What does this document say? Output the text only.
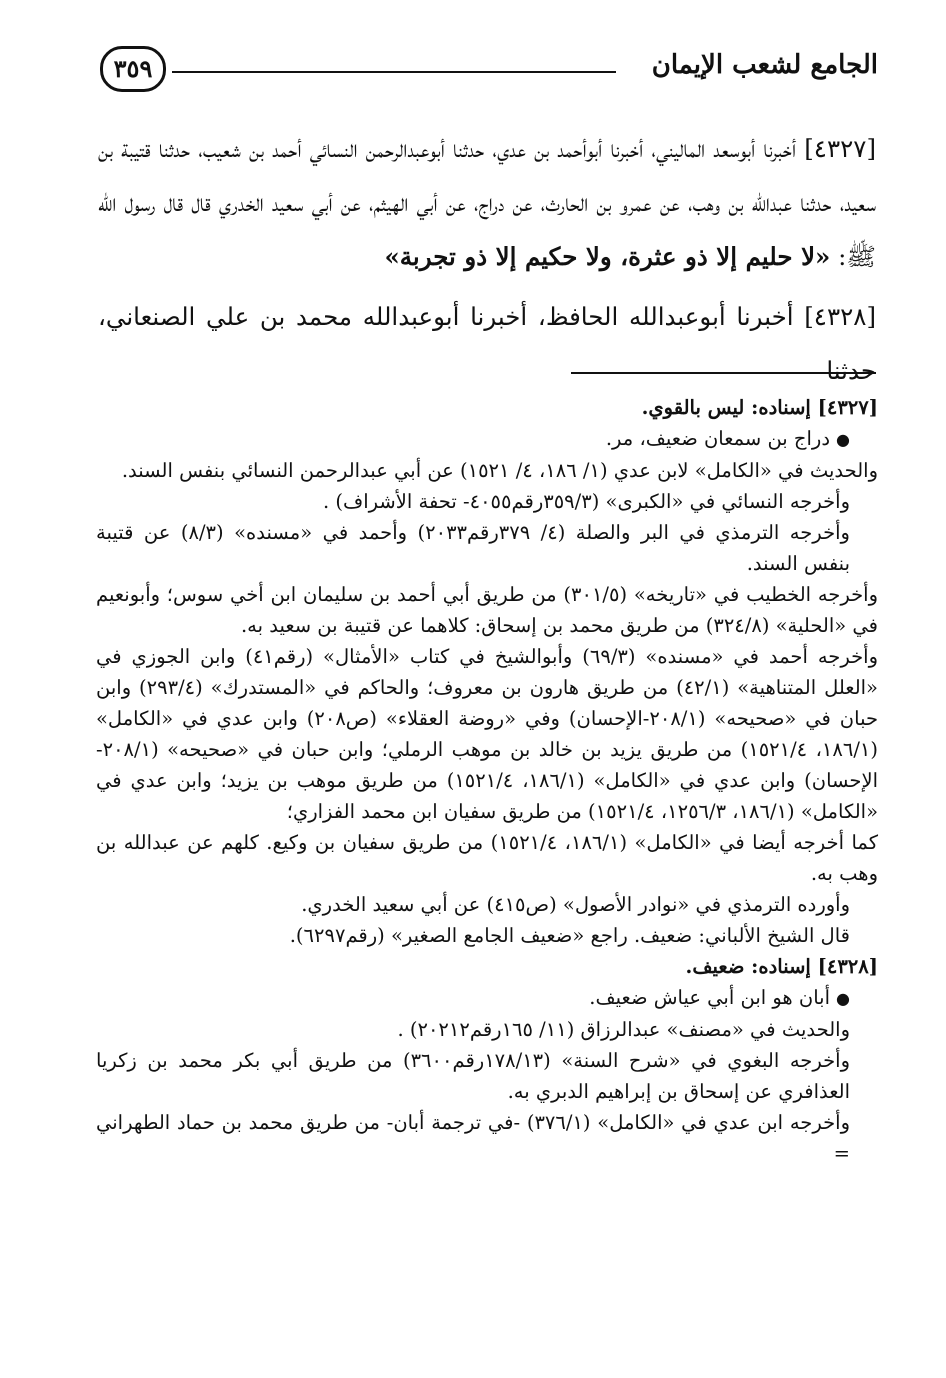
الجامع لشعب الإيمان
٣٥٩

[٤٣٢٧] أخبرنا أبوسعد الماليني، أخبرنا أبوأحمد بن عدي، حدثنا أبوعبدالرحمن النسائي أحمد بن شعيب، حدثنا قتيبة بن سعيد، حدثنا عبدالله بن وهب، عن عمرو بن الحارث، عن دراج، عن أبي الهيثم، عن أبي سعيد الخدري قال قال رسول الله ﷺ: «لا حليم إلا ذو عثرة، ولا حكيم إلا ذو تجربة»

[٤٣٢٨] أخبرنا أبوعبدالله الحافظ، أخبرنا أبوعبدالله محمد بن علي الصنعاني، حدثنا

[٤٣٢٧] إسناده: ليس بالقوي.

●دراج بن سمعان ضعيف، مر.

والحديث في «الكامل» لابن عدي (١/ ١٨٦، ٤/ ١٥٢١) عن أبي عبدالرحمن النسائي بنفس السند.

وأخرجه النسائي في «الكبرى» (٣٥٩/٣رقم٤٠٥٥- تحفة الأشراف) .

وأخرجه الترمذي في البر والصلة (٤/ ٣٧٩رقم٢٠٣٣) وأحمد في «مسنده» (٨/٣) عن قتيبة بنفس السند.

وأخرجه الخطيب في «تاريخه» (٣٠١/٥) من طريق أبي أحمد بن سليمان ابن أخي سوس؛ وأبونعيم في «الحلية» (٣٢٤/٨) من طريق محمد بن إسحاق: كلاهما عن قتيبة بن سعيد به.

وأخرجه أحمد في «مسنده» (٦٩/٣) وأبوالشيخ في كتاب «الأمثال» (رقم٤١) وابن الجوزي في «العلل المتناهية» (٤٢/١) من طريق هارون بن معروف؛ والحاكم في «المستدرك» (٢٩٣/٤) وابن حبان في «صحيحه» (٢٠٨/١-الإحسان) وفي «روضة العقلاء» (ص٢٠٨) وابن عدي في «الكامل» (١٨٦/١، ١٥٢١/٤) من طريق يزيد بن خالد بن موهب الرملي؛ وابن حبان في «صحيحه» (٢٠٨/١-الإحسان) وابن عدي في «الكامل» (١٨٦/١، ١٥٢١/٤) من طريق موهب بن يزيد؛ وابن عدي في «الكامل» (١٨٦/١، ١٢٥٦/٣، ١٥٢١/٤) من طريق سفيان ابن محمد الفزاري؛

كما أخرجه أيضا في «الكامل» (١٨٦/١، ١٥٢١/٤) من طريق سفيان بن وكيع. كلهم عن عبدالله بن وهب به.

وأورده الترمذي في «نوادر الأصول» (ص٤١٥) عن أبي سعيد الخدري.

قال الشيخ الألباني: ضعيف. راجع «ضعيف الجامع الصغير» (رقم٦٢٩٧).

[٤٣٢٨] إسناده: ضعيف.

●أبان هو ابن أبي عياش ضعيف.

والحديث في «مصنف» عبدالرزاق (١١/ ١٦٥رقم٢٠٢١٢) .

وأخرجه البغوي في «شرح السنة» (١٧٨/١٣رقم٣٦٠٠) من طريق أبي بكر محمد بن زكريا العذافري عن إسحاق بن إبراهيم الدبري به.

وأخرجه ابن عدي في «الكامل» (٣٧٦/١) -في ترجمة أبان- من طريق محمد بن حماد الطهراني =
